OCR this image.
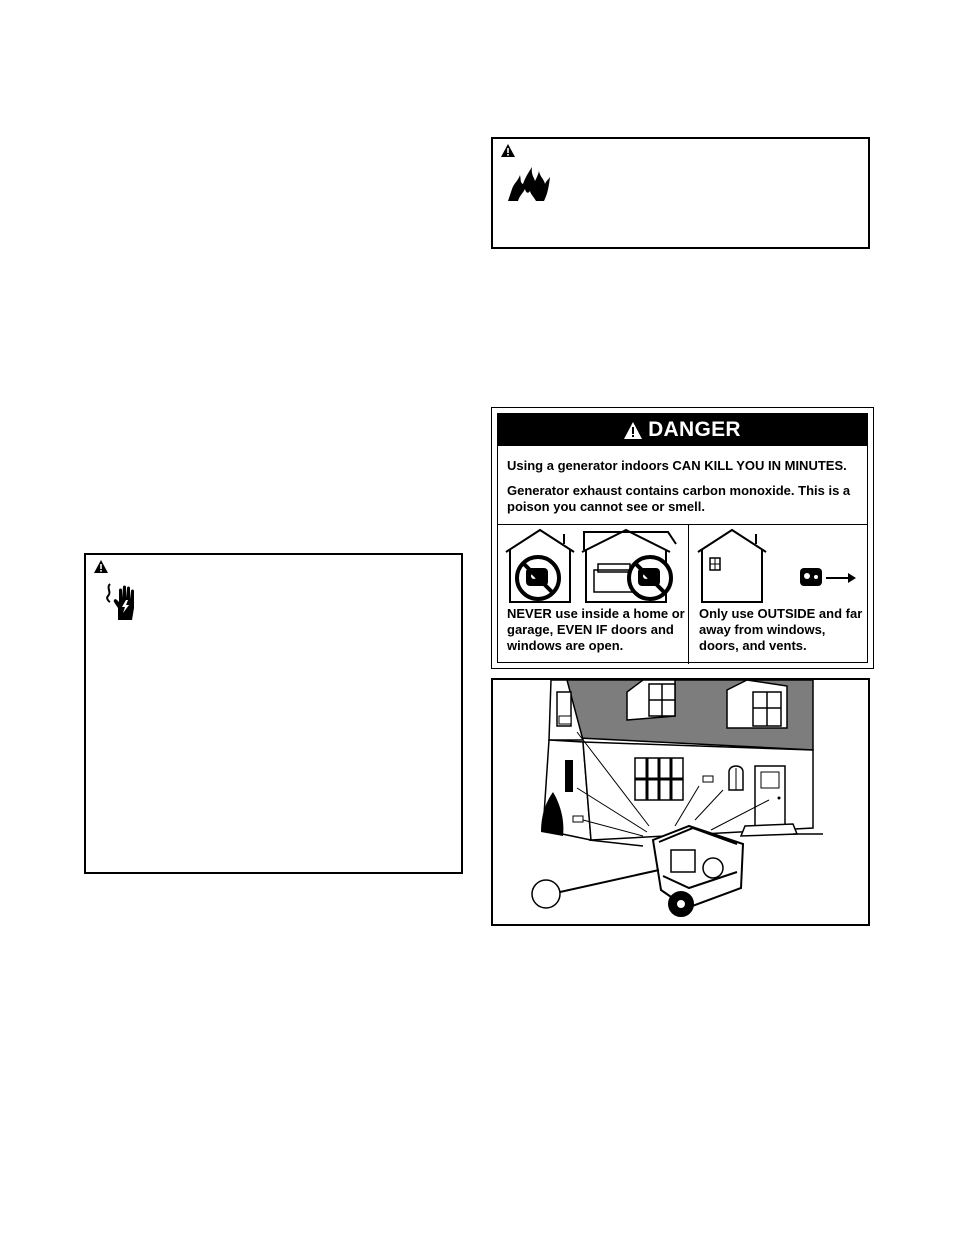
DANGER

Using a generator indoors CAN KILL YOU IN MINUTES.

Generator exhaust contains carbon monoxide. This is a poison you cannot see or smell.

NEVER use inside a home or garage, EVEN IF doors and windows are open.
Only use OUTSIDE and far away from windows, doors, and vents.
